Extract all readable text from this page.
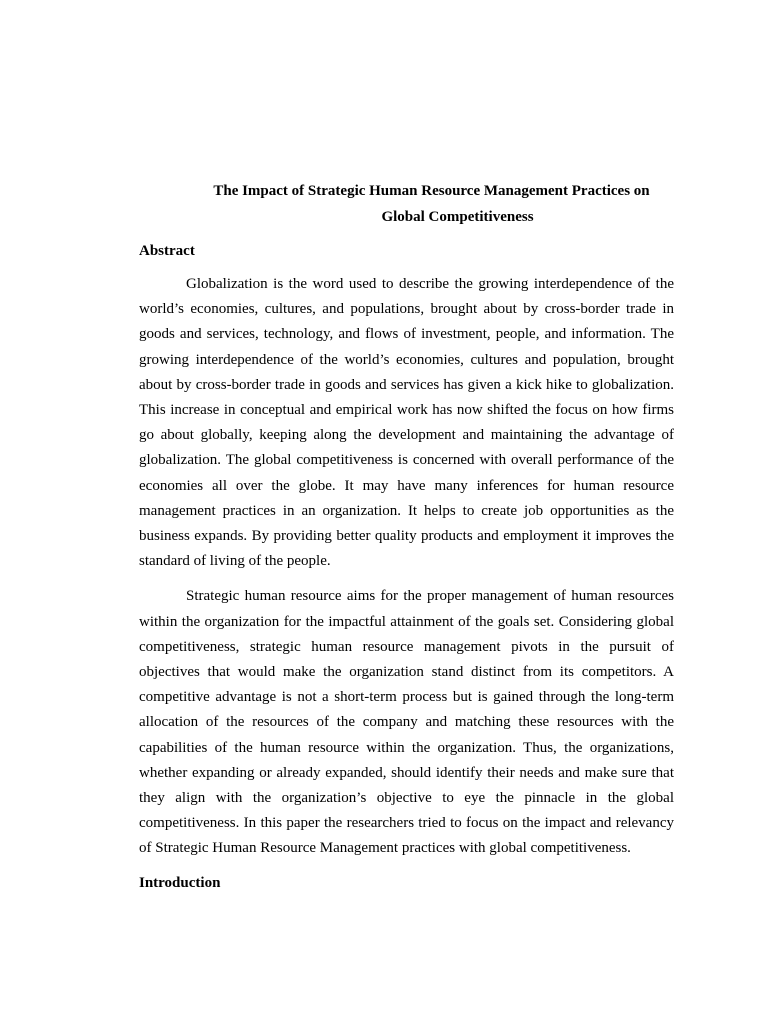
The Impact of Strategic Human Resource Management Practices on
Global Competitiveness
Abstract

Globalization is the word used to describe the growing interdependence of the world’s economies, cultures, and populations, brought about by cross-border trade in goods and services, technology, and flows of investment, people, and information. The growing interdependence of the world’s economies, cultures and population, brought about by cross-border trade in goods and services has given a kick hike to globalization. This increase in conceptual and empirical work has now shifted the focus on how firms go about globally, keeping along the development and maintaining the advantage of globalization. The global competitiveness is concerned with overall performance of the economies all over the globe. It may have many inferences for human resource management practices in an organization. It helps to create job opportunities as the business expands. By providing better quality products and employment it improves the standard of living of the people.

Strategic human resource aims for the proper management of human resources within the organization for the impactful attainment of the goals set. Considering global competitiveness, strategic human resource management pivots in the pursuit of objectives that would make the organization stand distinct from its competitors. A competitive advantage is not a short-term process but is gained through the long-term allocation of the resources of the company and matching these resources with the capabilities of the human resource within the organization. Thus, the organizations, whether expanding or already expanded, should identify their needs and make sure that they align with the organization’s objective to eye the pinnacle in the global competitiveness. In this paper the researchers tried to focus on the impact and relevancy of Strategic Human Resource Management practices with global competitiveness.

Introduction
